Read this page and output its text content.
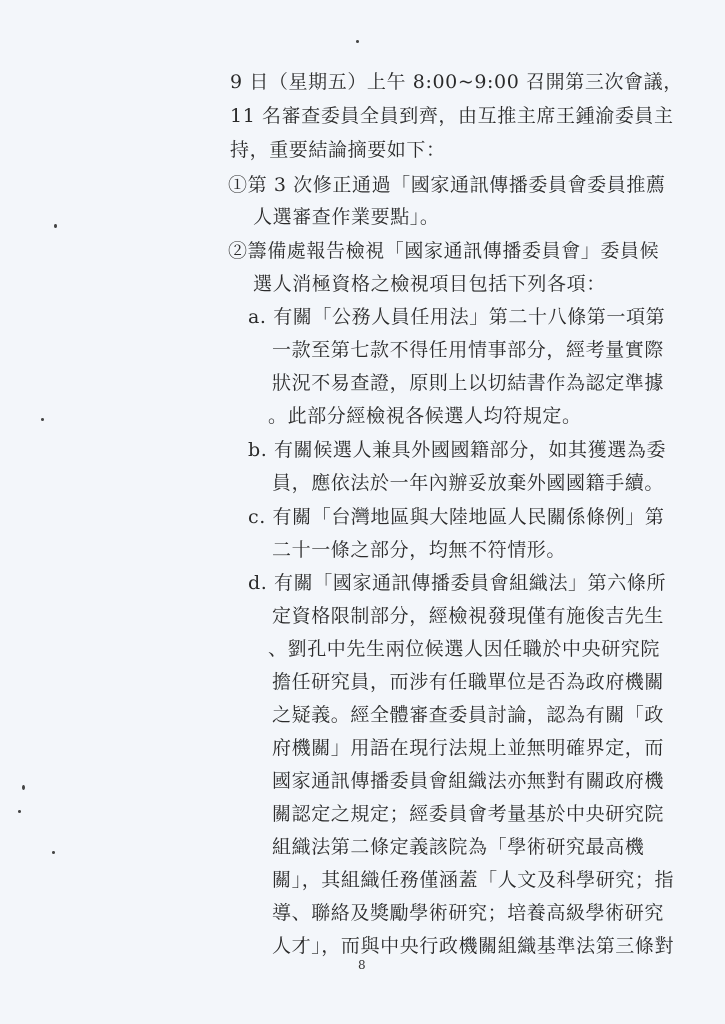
9 日（星期五）上午 8:00~9:00 召開第三次會議，
11 名審查委員全員到齊，由互推主席王鍾渝委員主
持，重要結論摘要如下：
①第 3 次修正通過「國家通訊傳播委員會委員推薦
人選審查作業要點」。
②籌備處報告檢視「國家通訊傳播委員會」委員候
選人消極資格之檢視項目包括下列各項：
a. 有關「公務人員任用法」第二十八條第一項第
一款至第七款不得任用情事部分，經考量實際
狀況不易查證，原則上以切結書作為認定準據
。此部分經檢視各候選人均符規定。
b. 有關候選人兼具外國國籍部分，如其獲選為委
員，應依法於一年內辦妥放棄外國國籍手續。
c. 有關「台灣地區與大陸地區人民關係條例」第
二十一條之部分，均無不符情形。
d. 有關「國家通訊傳播委員會組織法」第六條所
定資格限制部分，經檢視發現僅有施俊吉先生
、劉孔中先生兩位候選人因任職於中央研究院
擔任研究員，而涉有任職單位是否為政府機關
之疑義。經全體審查委員討論，認為有關「政
府機關」用語在現行法規上並無明確界定，而
國家通訊傳播委員會組織法亦無對有關政府機
關認定之規定；經委員會考量基於中央研究院
組織法第二條定義該院為「學術研究最高機
關」，其組織任務僅涵蓋「人文及科學研究；指
導、聯絡及獎勵學術研究；培養高級學術研究
人才」，而與中央行政機關組織基準法第三條對
8
